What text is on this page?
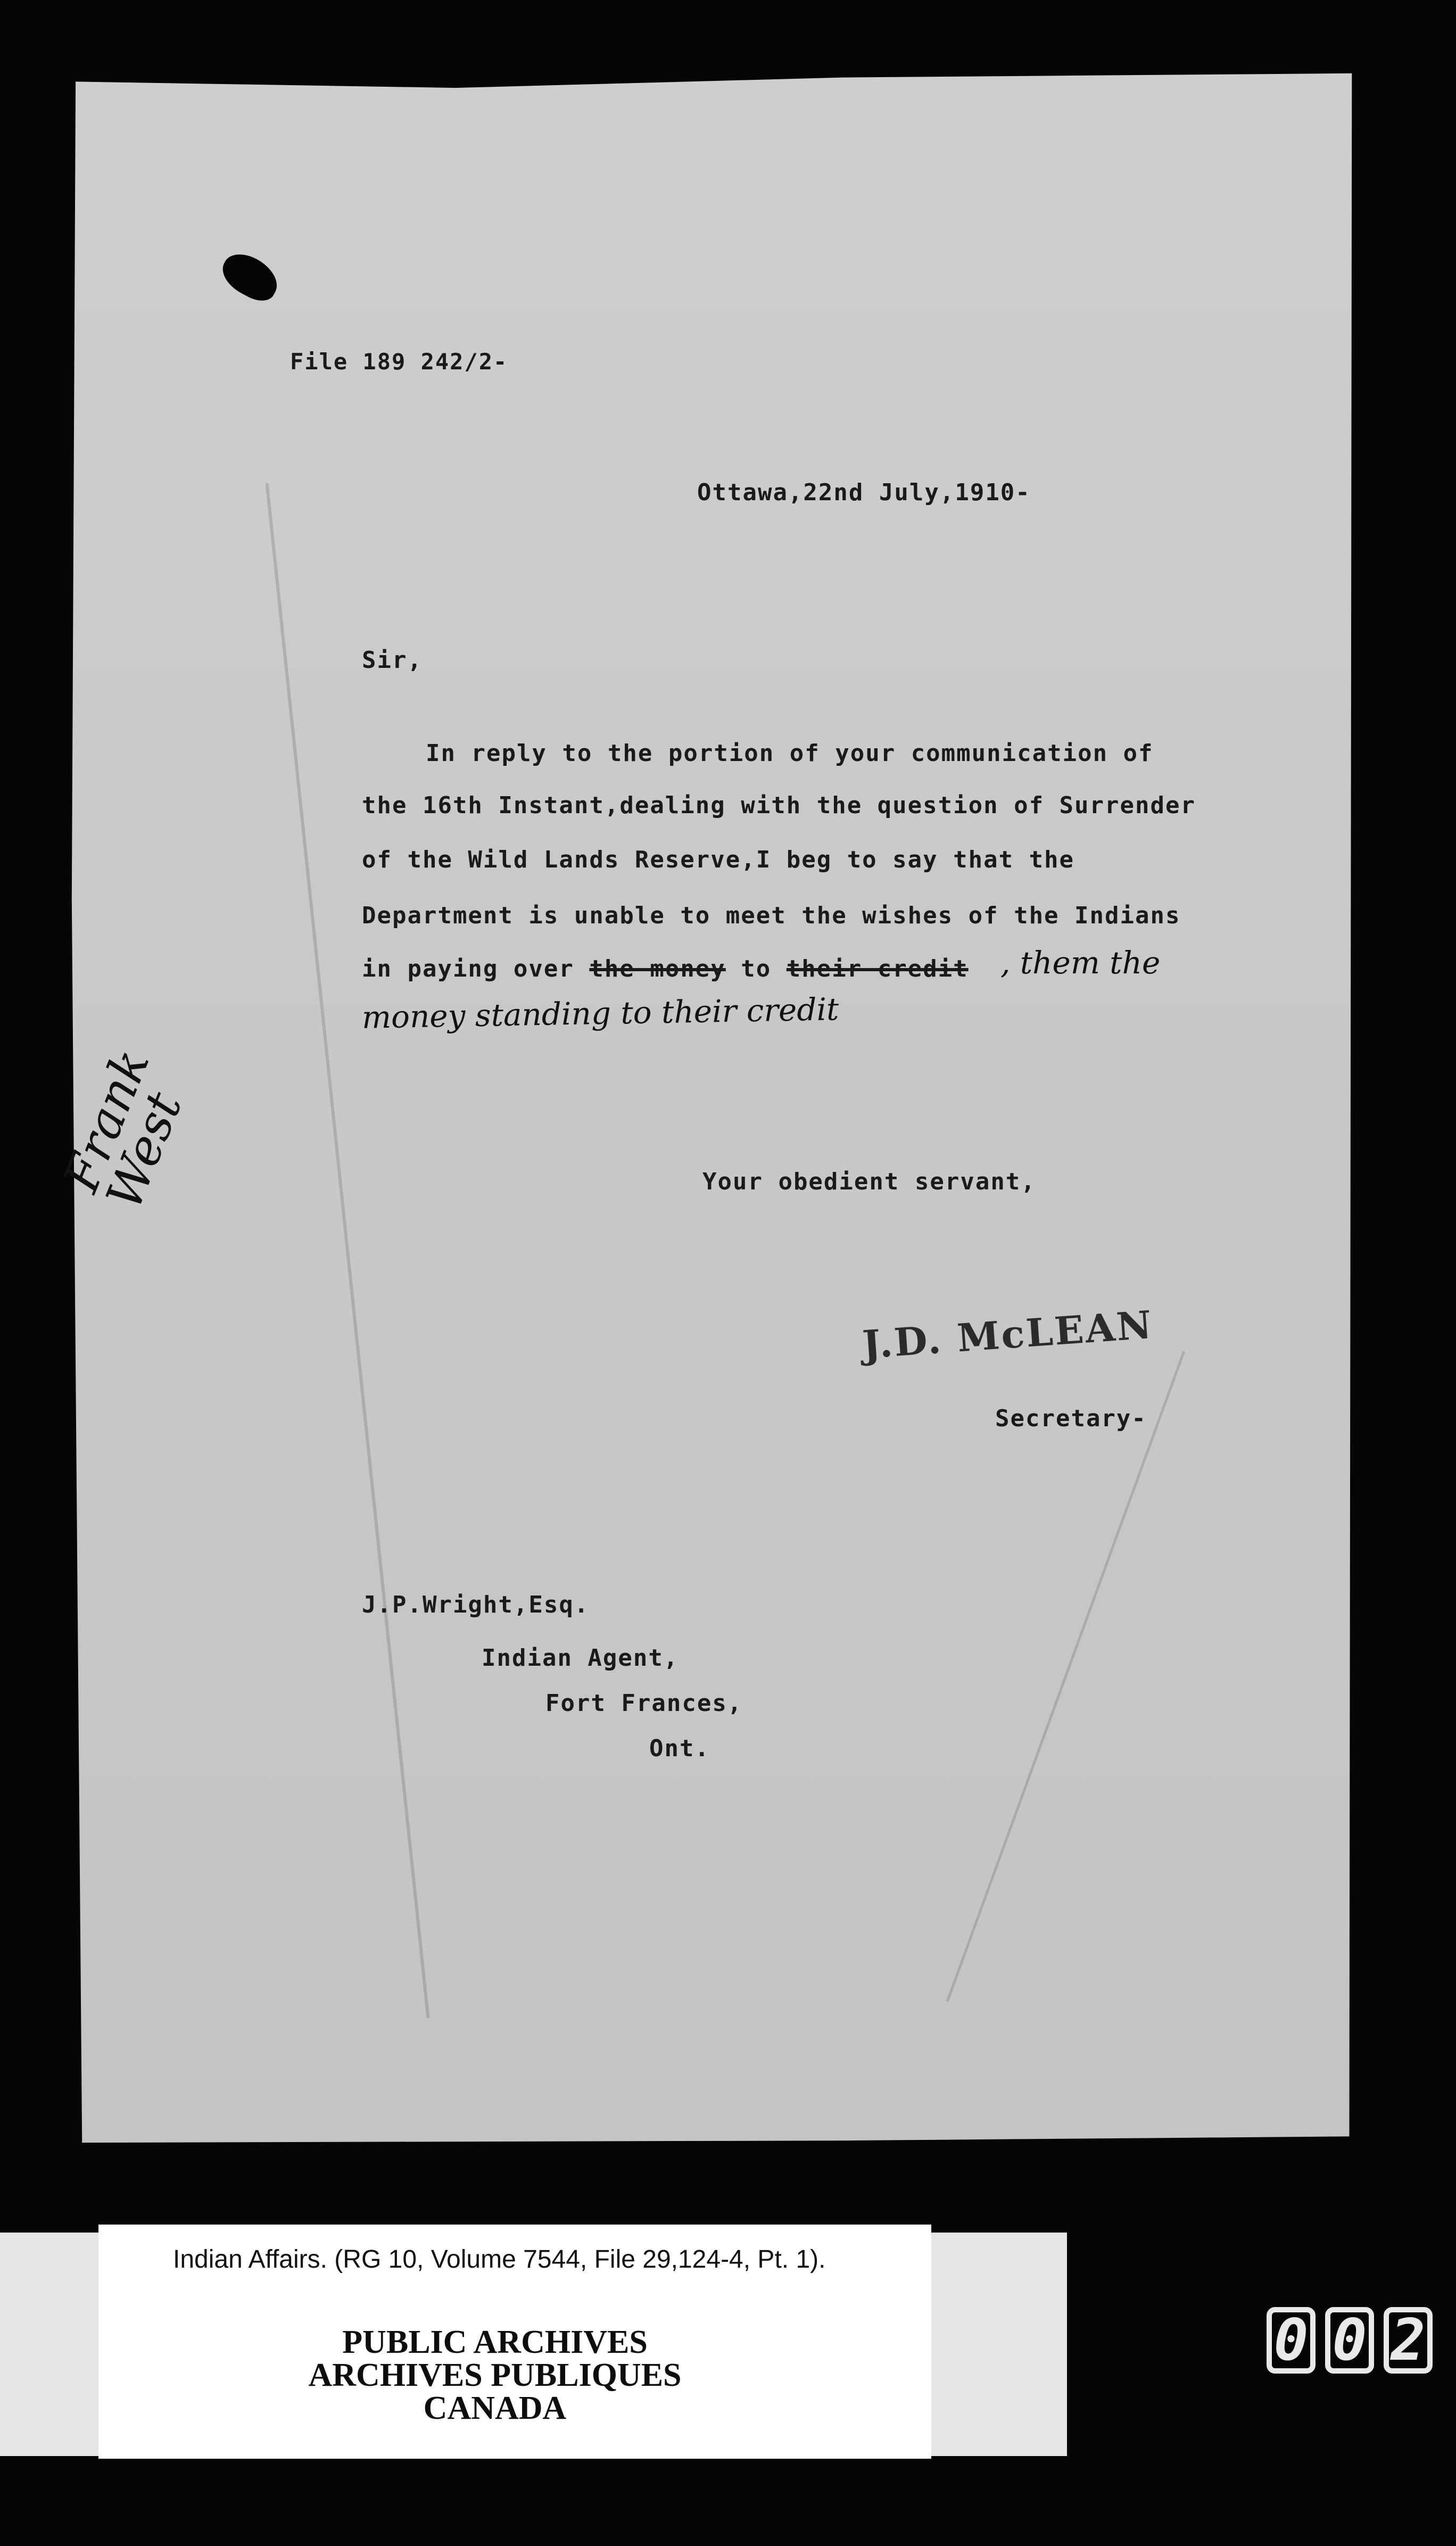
File 189 242/2-
Ottawa,22nd July,1910-
Sir,
In reply to the portion of your communication of
the 16th Instant,dealing with the question of Surrender
of the Wild Lands Reserve,I beg to say that the
Department is unable to meet the wishes of the Indians
in paying over the money to their credit , them the
money standing to their credit
Frank West	Your obedient servant,
J.D. McLEAN
Secretary-
J.P.Wright,Esq.
Indian Agent,
Fort Frances,
Ont.
Indian Affairs. (RG 10, Volume 7544, File 29,124-4, Pt. 1).
PUBLIC ARCHIVES
ARCHIVES PUBLIQUES
CANADA
0 0 2
